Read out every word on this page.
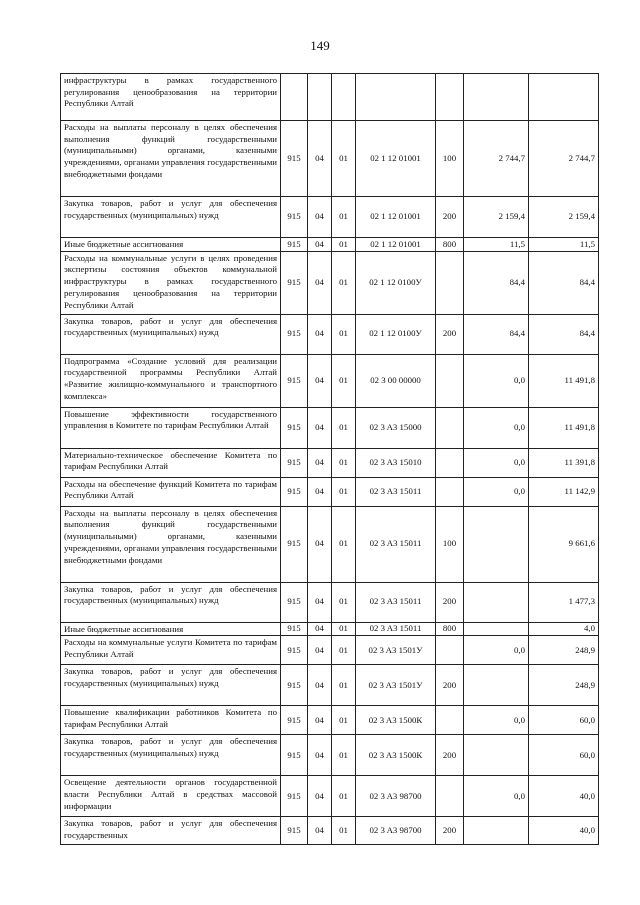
149
инфраструктуры в рамках государственного регулирования ценообразования на территории Республики Алтай							
Расходы на выплаты персоналу в целях обеспечения выполнения функций государственными (муниципальными) органами, казенными учреждениями, органами управления государственными внебюджетными фондами	915	04	01	02 1 12 01001	100	2 744,7	2 744,7
Закупка товаров, работ и услуг для обеспечения государственных (муниципальных) нужд	915	04	01	02 1 12 01001	200	2 159,4	2 159,4
Иные бюджетные ассигнования	915	04	01	02 1 12 01001	800	11,5	11,5
Расходы на коммунальные услуги в целях проведения экспертизы состояния объектов коммунальной инфраструктуры в рамках государственного регулирования ценообразования на территории Республики Алтай	915	04	01	02 1 12 0100У		84,4	84,4
Закупка товаров, работ и услуг для обеспечения государственных (муниципальных) нужд	915	04	01	02 1 12 0100У	200	84,4	84,4
Подпрограмма «Создание условий для реализации государственной программы Республики Алтай «Развитие жилищно-коммунального и транспортного комплекса»	915	04	01	02 3 00 00000		0,0	11 491,8
Повышение эффективности государственного управления в Комитете по тарифам Республики Алтай	915	04	01	02 3 A3 15000		0,0	11 491,8
Материально-техническое обеспечение Комитета по тарифам Республики Алтай	915	04	01	02 3 A3 15010		0,0	11 391,8
Расходы на обеспечение функций Комитета по тарифам Республики Алтай	915	04	01	02 3 A3 15011		0,0	11 142,9
Расходы на выплаты персоналу в целях обеспечения выполнения функций государственными (муниципальными) органами, казенными учреждениями, органами управления государственными внебюджетными фондами	915	04	01	02 3 A3 15011	100		9 661,6
Закупка товаров, работ и услуг для обеспечения государственных (муниципальных) нужд	915	04	01	02 3 A3 15011	200		1 477,3
Иные бюджетные ассигнования	915	04	01	02 3 A3 15011	800		4,0
Расходы на коммунальные услуги Комитета по тарифам Республики Алтай	915	04	01	02 3 A3 1501У		0,0	248,9
Закупка товаров, работ и услуг для обеспечения государственных (муниципальных) нужд	915	04	01	02 3 A3 1501У	200		248,9
Повышение квалификации работников Комитета по тарифам Республики Алтай	915	04	01	02 3 A3 1500К		0,0	60,0
Закупка товаров, работ и услуг для обеспечения государственных (муниципальных) нужд	915	04	01	02 3 A3 1500К	200		60,0
Освещение деятельности органов государственной власти Республики Алтай в средствах массовой информации	915	04	01	02 3 A3 98700		0,0	40,0
Закупка товаров, работ и услуг для обеспечения государственных	915	04	01	02 3 A3 98700	200		40,0
